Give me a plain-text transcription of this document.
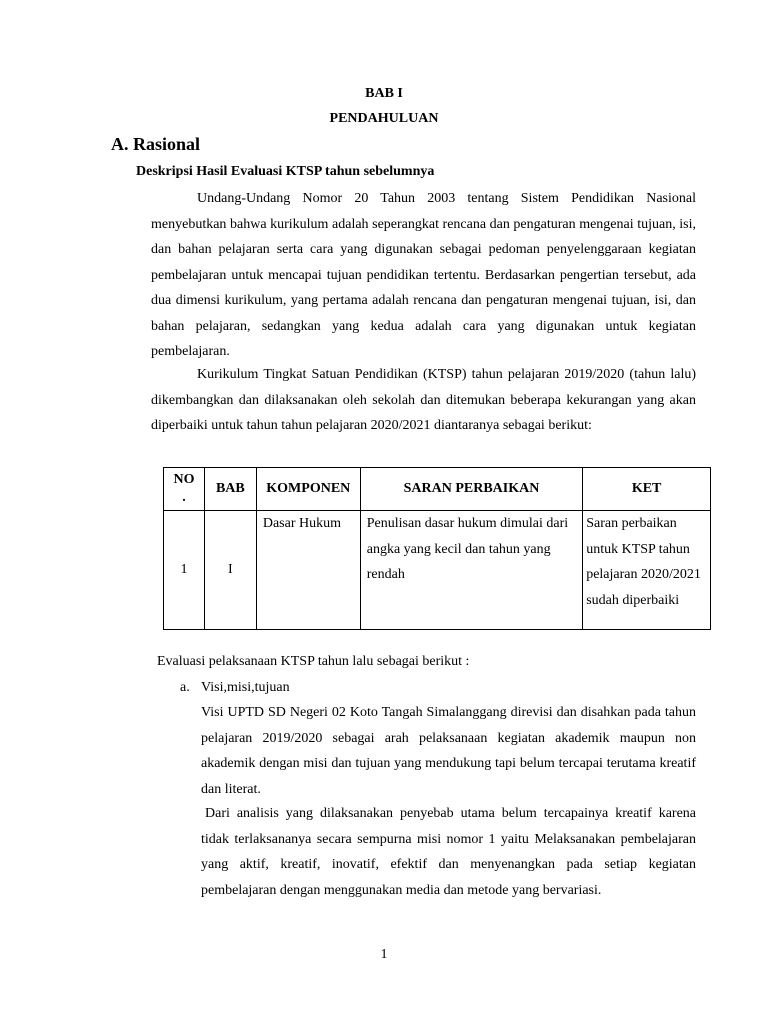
BAB I
PENDAHULUAN
A. Rasional
Deskripsi Hasil Evaluasi KTSP tahun sebelumnya

Undang-Undang Nomor 20 Tahun 2003 tentang Sistem Pendidikan Nasional menyebutkan bahwa kurikulum adalah seperangkat rencana dan pengaturan mengenai tujuan, isi, dan bahan pelajaran serta cara yang digunakan sebagai pedoman penyelenggaraan kegiatan pembelajaran untuk mencapai tujuan pendidikan tertentu. Berdasarkan pengertian tersebut, ada dua dimensi kurikulum, yang pertama adalah rencana dan pengaturan mengenai tujuan, isi, dan bahan pelajaran, sedangkan yang kedua adalah cara yang digunakan untuk kegiatan pembelajaran.

Kurikulum Tingkat Satuan Pendidikan (KTSP) tahun pelajaran 2019/2020 (tahun lalu) dikembangkan dan dilaksanakan oleh sekolah dan ditemukan beberapa kekurangan yang akan diperbaiki untuk tahun tahun pelajaran 2020/2021 diantaranya sebagai berikut:

NO
.	BAB	KOMPONEN	SARAN PERBAIKAN	KET
1	I	Dasar Hukum	Penulisan dasar hukum dimulai dari angka yang kecil dan tahun yang rendah	Saran perbaikan untuk KTSP tahun pelajaran 2020/2021 sudah diperbaiki
Evaluasi pelaksanaan KTSP tahun lalu sebagai berikut :
a. Visi,misi,tujuan

Visi UPTD SD Negeri 02 Koto Tangah Simalanggang direvisi dan disahkan pada tahun pelajaran 2019/2020 sebagai arah pelaksanaan kegiatan akademik maupun non akademik dengan misi dan tujuan yang mendukung tapi belum tercapai terutama kreatif dan literat.

Dari analisis yang dilaksanakan penyebab utama belum tercapainya kreatif karena tidak terlaksananya secara sempurna misi nomor 1 yaitu Melaksanakan pembelajaran yang aktif, kreatif, inovatif, efektif dan menyenangkan pada setiap kegiatan pembelajaran dengan menggunakan media dan metode yang bervariasi.

1
